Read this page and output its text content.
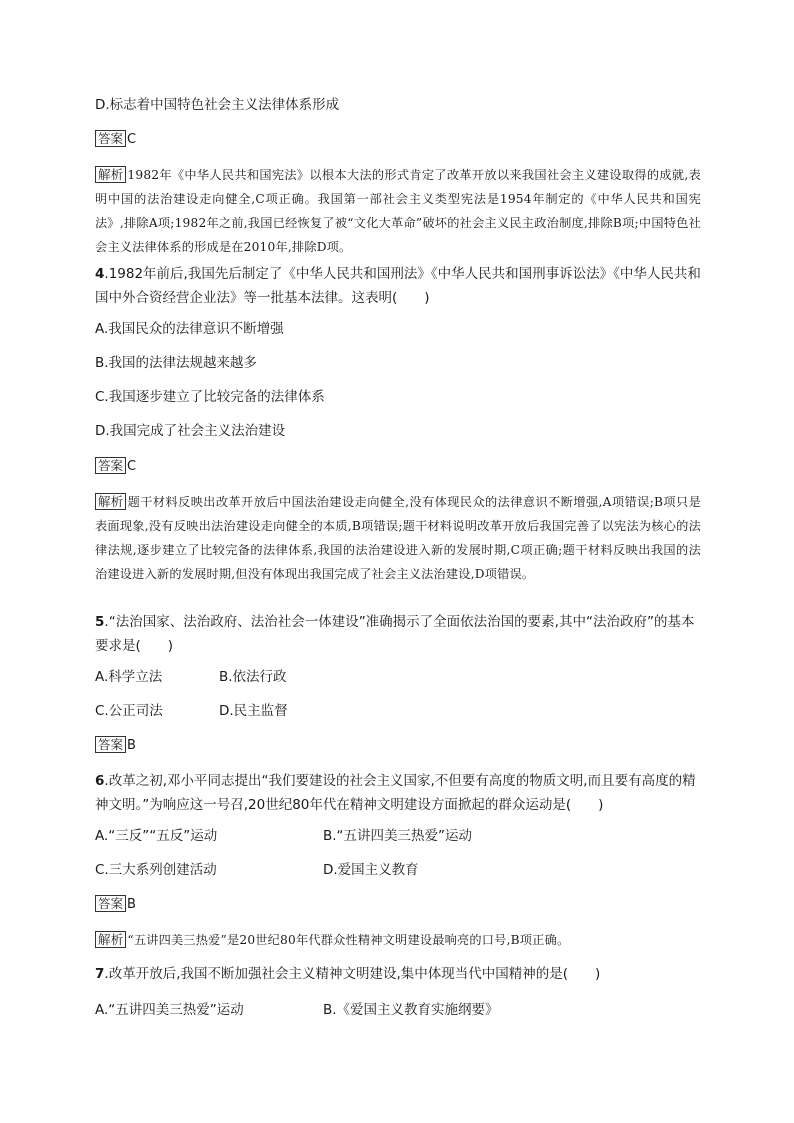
D.标志着中国特色社会主义法律体系形成
答案 C
解析 1982年《中华人民共和国宪法》以根本大法的形式肯定了改革开放以来我国社会主义建设取得的成就,表明中国的法治建设走向健全,C项正确。我国第一部社会主义类型宪法是1954年制定的《中华人民共和国宪法》,排除A项;1982年之前,我国已经恢复了被“文化大革命”破坏的社会主义民主政治制度,排除B项;中国特色社会主义法律体系的形成是在2010年,排除D项。
4.1982年前后,我国先后制定了《中华人民共和国刑法》《中华人民共和国刑事诉讼法》《中华人民共和国中外合资经营企业法》等一批基本法律。这表明(　　)
A.我国民众的法律意识不断增强
B.我国的法律法规越来越多
C.我国逐步建立了比较完备的法律体系
D.我国完成了社会主义法治建设
答案 C
解析 题干材料反映出改革开放后中国法治建设走向健全,没有体现民众的法律意识不断增强,A项错误;B项只是表面现象,没有反映出法治建设走向健全的本质,B项错误;题干材料说明改革开放后我国完善了以宪法为核心的法律法规,逐步建立了比较完备的法律体系,我国的法治建设进入新的发展时期,C项正确;题干材料反映出我国的法治建设进入新的发展时期,但没有体现出我国完成了社会主义法治建设,D项错误。
5.“法治国家、法治政府、法治社会一体建设”准确揭示了全面依法治国的要素,其中“法治政府”的基本要求是(　　)
A.科学立法	B.依法行政
C.公正司法	D.民主监督
答案 B
6.改革之初,邓小平同志提出“我们要建设的社会主义国家,不但要有高度的物质文明,而且要有高度的精神文明。”为响应这一号召,20世纪80年代在精神文明建设方面掀起的群众运动是(　　)
A.“三反”“五反”运动	B.“五讲四美三热爱”运动
C.三大系列创建活动	D.爱国主义教育
答案 B
解析 “五讲四美三热爱”是20世纪80年代群众性精神文明建设最响亮的口号,B项正确。
7.改革开放后,我国不断加强社会主义精神文明建设,集中体现当代中国精神的是(　　)
A.“五讲四美三热爱”运动	B.《爱国主义教育实施纲要》
